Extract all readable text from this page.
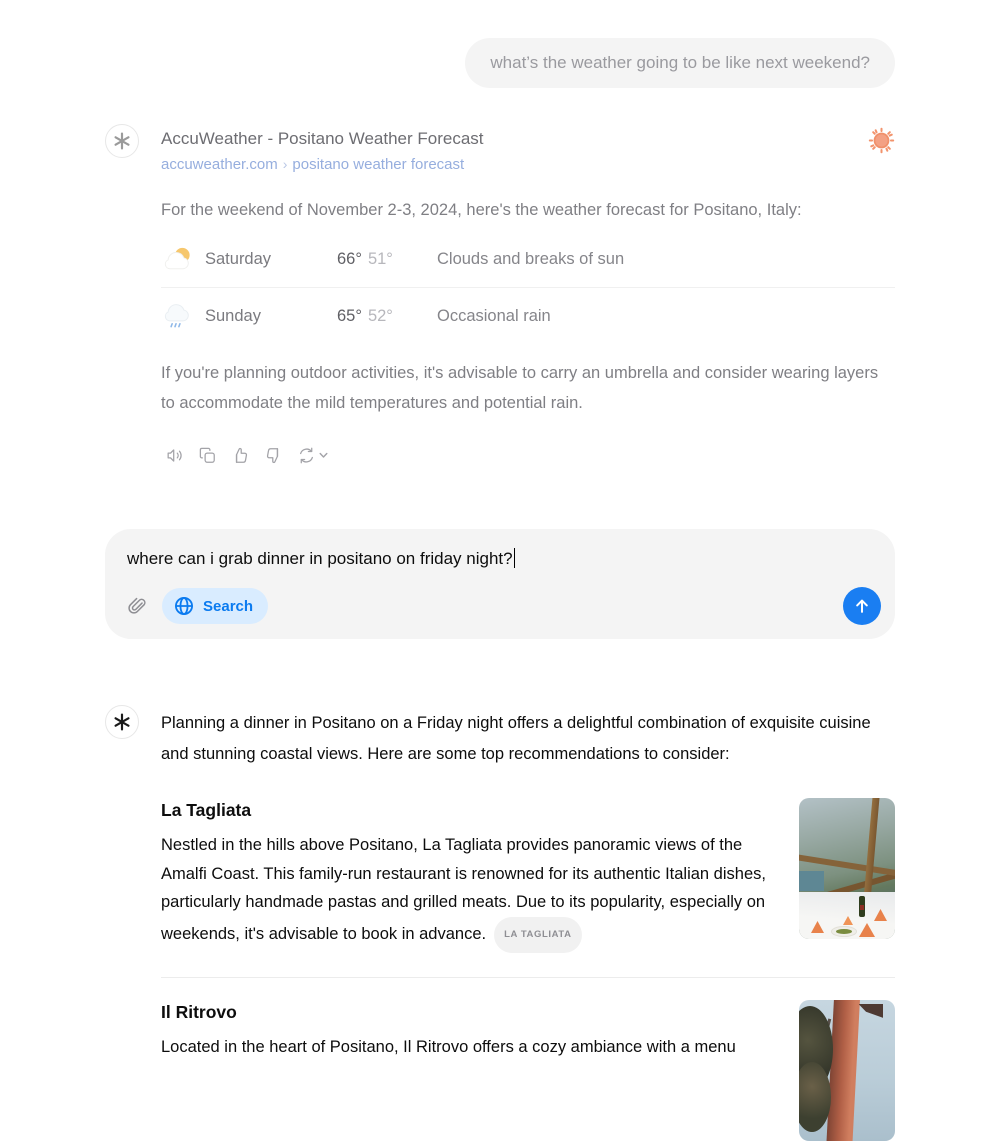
what’s the weather going to be like next weekend?
AccuWeather - Positano Weather Forecast
accuweather.com › positano weather forecast

For the weekend of November 2-3, 2024, here's the weather forecast for Positano, Italy:

Saturday	66° 51°	Clouds and breaks of sun
Sunday	65° 52°	Occasional rain

If you're planning outdoor activities, it's advisable to carry an umbrella and consider wearing layers to accommodate the mild temperatures and potential rain.

where can i grab dinner in positano on friday night?
Search

Planning a dinner in Positano on a Friday night offers a delightful combination of exquisite cuisine and stunning coastal views. Here are some top recommendations to consider:

La Tagliata

Nestled in the hills above Positano, La Tagliata provides panoramic views of the Amalfi Coast. This family-run restaurant is renowned for its authentic Italian dishes, particularly handmade pastas and grilled meats. Due to its popularity, especially on weekends, it's advisable to book in advance. LA TAGLIATA

Il Ritrovo

Located in the heart of Positano, Il Ritrovo offers a cozy ambiance with a menu
